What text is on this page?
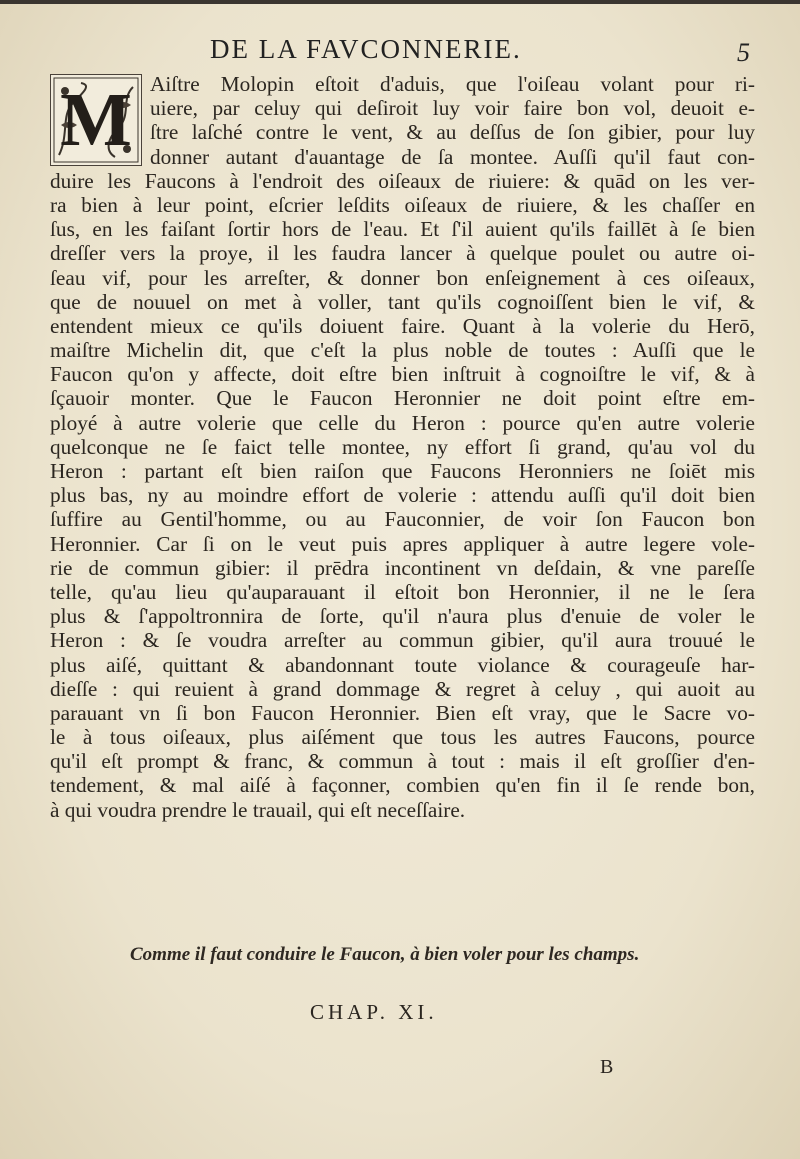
DE LA FAVCONNERIE.	5
M Aiſtre Molopin eſtoit d'aduis, que l'oiſeau volant pour ri-
uiere, par celuy qui deſiroit luy voir faire bon vol, deuoit e-
ſtre laſché contre le vent, & au deſſus de ſon gibier, pour luy
donner autant d'auantage de ſa montee. Auſſi qu'il faut con-
duire les Faucons à l'endroit des oiſeaux de riuiere: & quād on les ver-
ra bien à leur point, eſcrier leſdits oiſeaux de riuiere, & les chaſſer en
ſus, en les faiſant ſortir hors de l'eau. Et ſ'il auient qu'ils faillēt à ſe bien
dreſſer vers la proye, il les faudra lancer à quelque poulet ou autre oi-
ſeau vif, pour les arreſter, & donner bon enſeignement à ces oiſeaux,
que de nouuel on met à voller, tant qu'ils cognoiſſent bien le vif, &
entendent mieux ce qu'ils doiuent faire. Quant à la volerie du Herō,
maiſtre Michelin dit, que c'eſt la plus noble de toutes : Auſſi que le
Faucon qu'on y affecte, doit eſtre bien inſtruit à cognoiſtre le vif, & à
ſçauoir monter. Que le Faucon Heronnier ne doit point eſtre em-
ployé à autre volerie que celle du Heron : pource qu'en autre volerie
quelconque ne ſe faict telle montee, ny effort ſi grand, qu'au vol du
Heron : partant eſt bien raiſon que Faucons Heronniers ne ſoiēt mis
plus bas, ny au moindre effort de volerie : attendu auſſi qu'il doit bien
ſuffire au Gentil'homme, ou au Fauconnier, de voir ſon Faucon bon
Heronnier. Car ſi on le veut puis apres appliquer à autre legere vole-
rie de commun gibier: il prēdra incontinent vn deſdain, & vne pareſſe
telle, qu'au lieu qu'auparauant il eſtoit bon Heronnier, il ne le ſera
plus & ſ'appoltronnira de ſorte, qu'il n'aura plus d'enuie de voler le
Heron : & ſe voudra arreſter au commun gibier, qu'il aura trouué le
plus aiſé, quittant & abandonnant toute violance & courageuſe har-
dieſſe : qui reuient à grand dommage & regret à celuy , qui auoit au
parauant vn ſi bon Faucon Heronnier. Bien eſt vray, que le Sacre vo-
le à tous oiſeaux, plus aiſément que tous les autres Faucons, pource
qu'il eſt prompt & franc, & commun à tout : mais il eſt groſſier d'en-
tendement, & mal aiſé à façonner, combien qu'en fin il ſe rende bon,
à qui voudra prendre le trauail, qui eſt neceſſaire.
Comme il faut conduire le Faucon, à bien voler pour les champs.
CHAP. XI.
B
